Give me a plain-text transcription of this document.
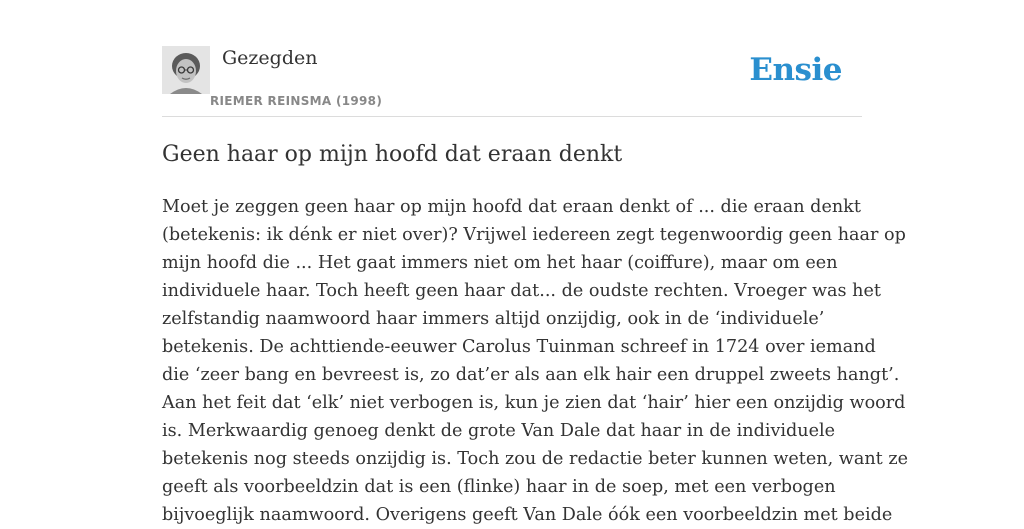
Gezegden
RIEMER REINSMA (1998)
Ensie
Geen haar op mijn hoofd dat eraan denkt
Moet je zeggen geen haar op mijn hoofd dat eraan denkt of ... die eraan denkt
(betekenis: ik dénk er niet over)? Vrijwel iedereen zegt tegenwoordig geen haar op
mijn hoofd die ... Het gaat immers niet om het haar (coiffure), maar om een
individuele haar. Toch heeft geen haar dat... de oudste rechten. Vroeger was het
zelfstandig naamwoord haar immers altijd onzijdig, ook in de ‘individuele’
betekenis. De achttiende-eeuwer Carolus Tuinman schreef in 1724 over iemand
die ‘zeer bang en bevreest is, zo dat’er als aan elk hair een druppel zweets hangt’.
Aan het feit dat ‘elk’ niet verbogen is, kun je zien dat ‘hair’ hier een onzijdig woord
is. Merkwaardig genoeg denkt de grote Van Dale dat haar in de individuele
betekenis nog steeds onzijdig is. Toch zou de redactie beter kunnen weten, want ze
geeft als voorbeeldzin dat is een (flinke) haar in de soep, met een verbogen
bijvoeglijk naamwoord. Overigens geeft Van Dale óók een voorbeeldzin met beide
